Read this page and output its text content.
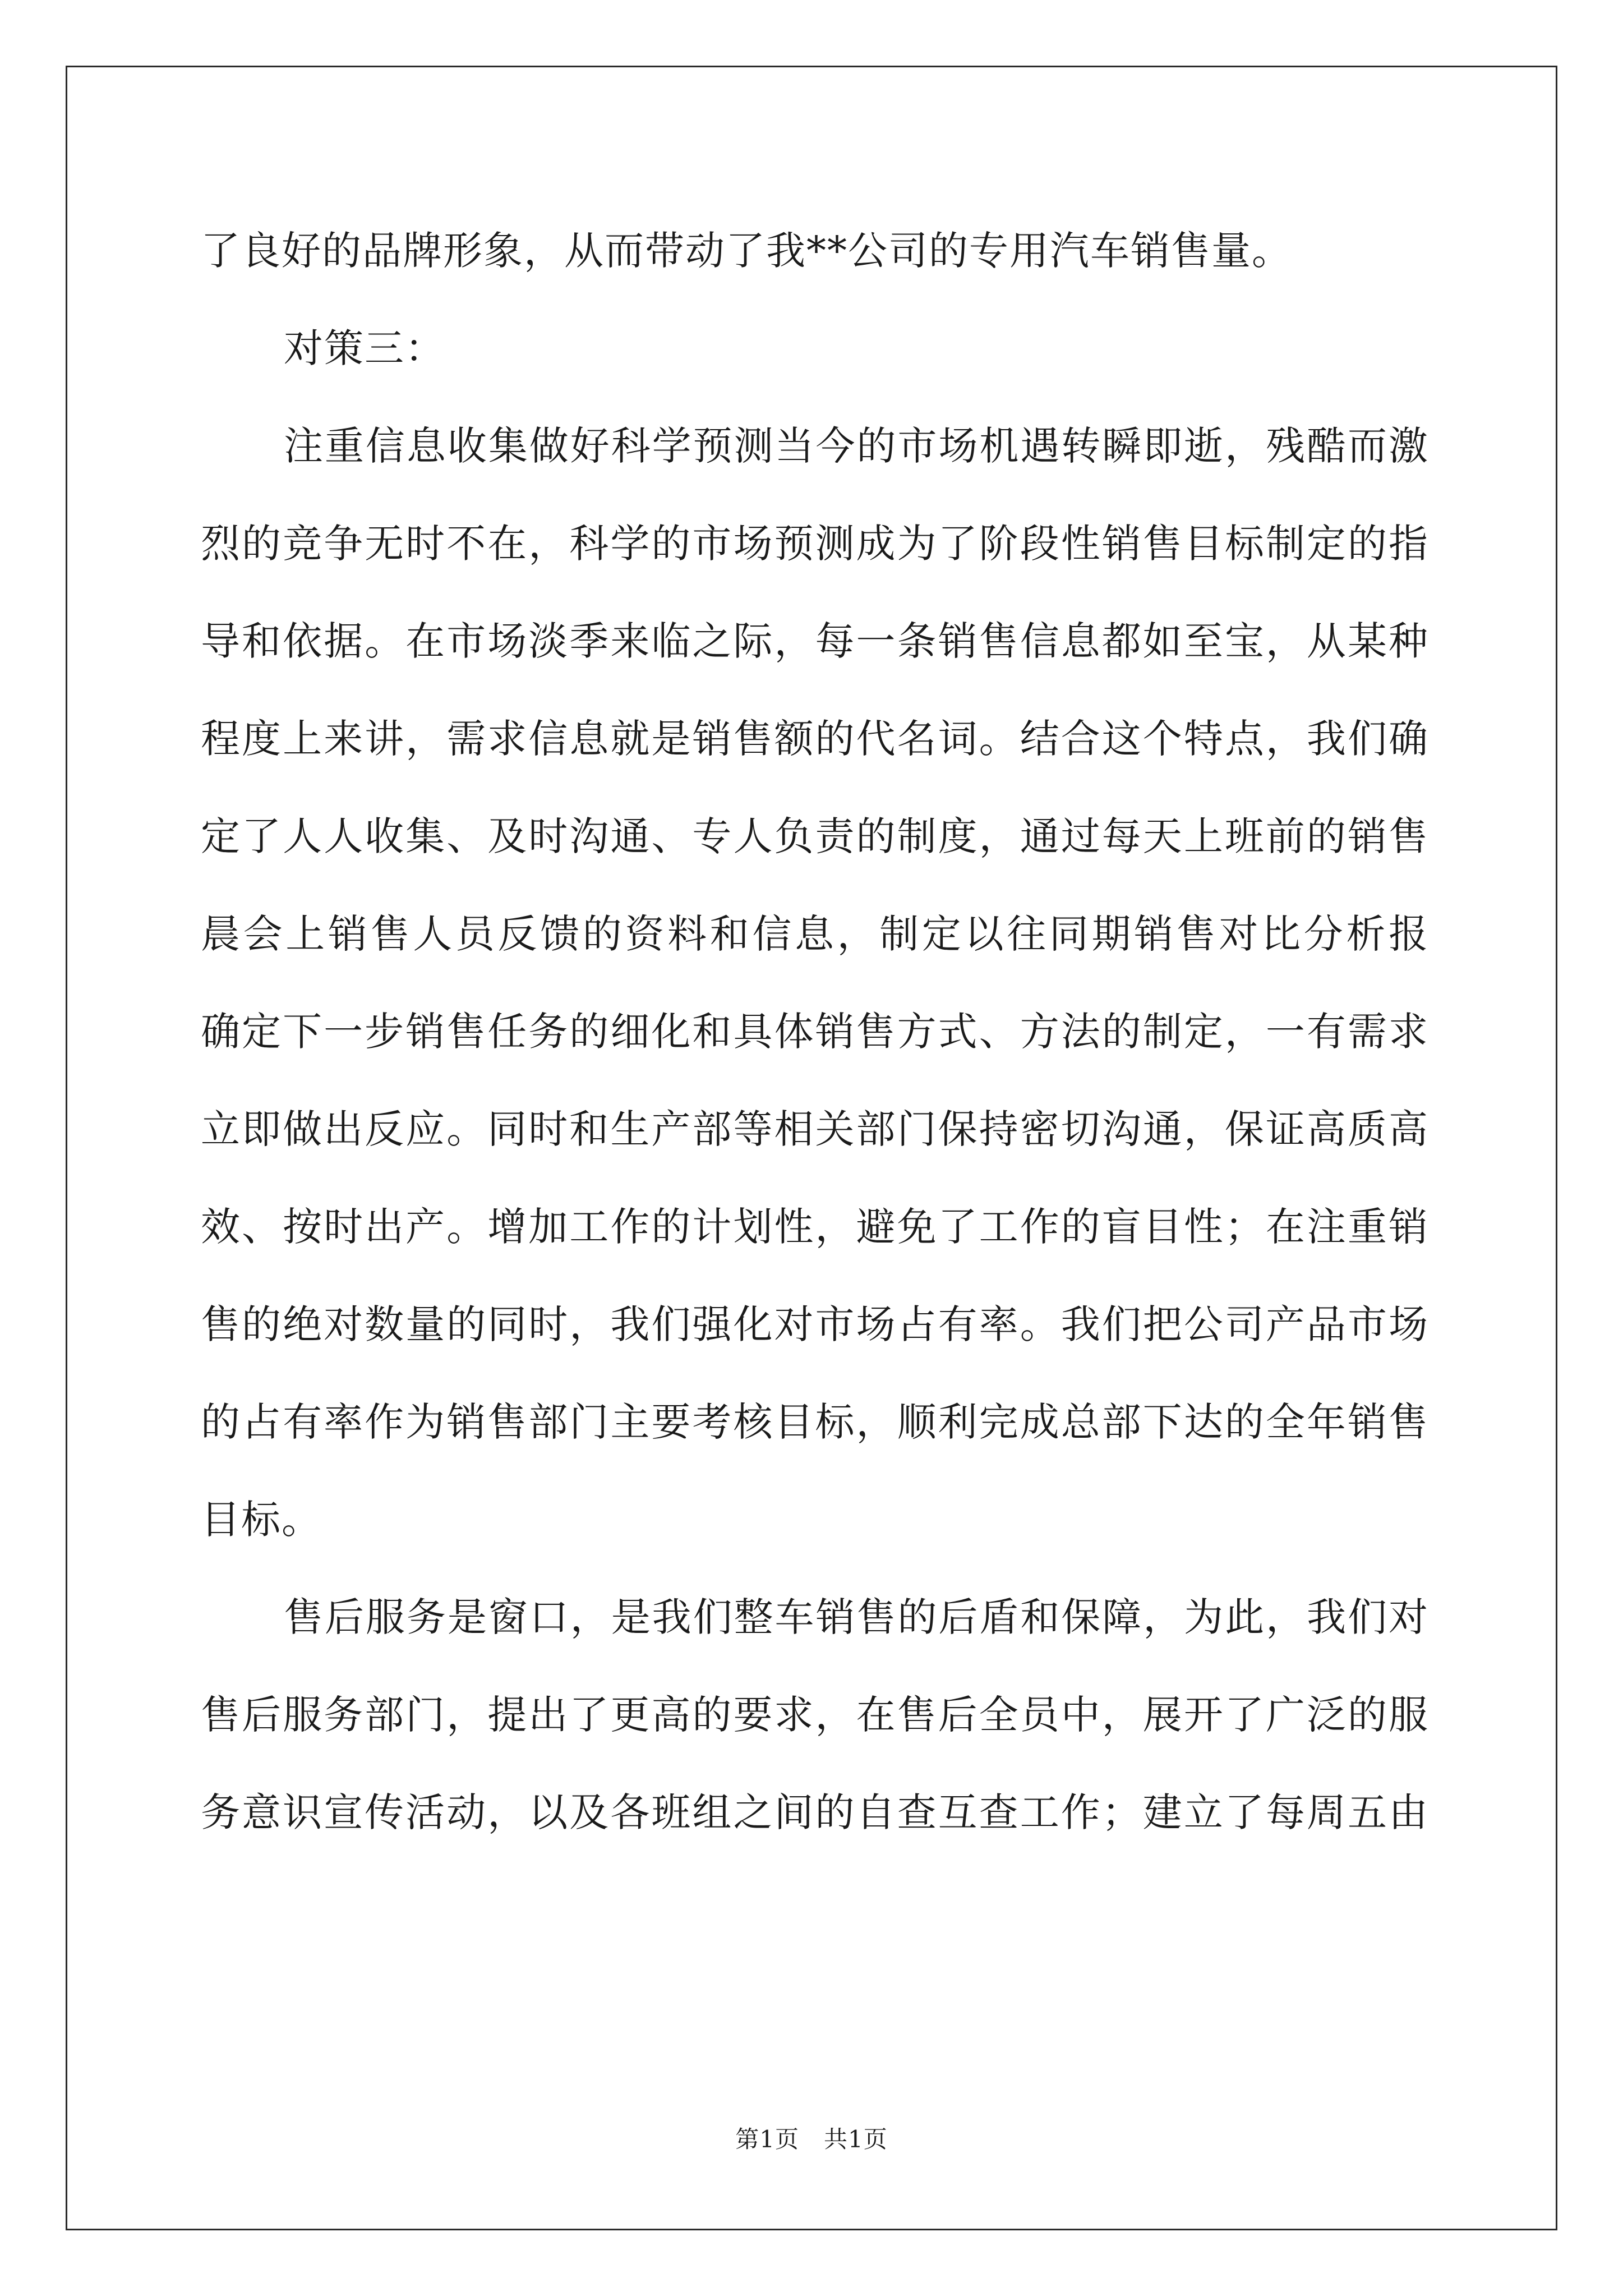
了良好的品牌形象，从而带动了我**公司的专用汽车销售量。
对策三：
注重信息收集做好科学预测当今的市场机遇转瞬即逝，残酷而激
烈的竞争无时不在，科学的市场预测成为了阶段性销售目标制定的指
导和依据。在市场淡季来临之际，每一条销售信息都如至宝，从某种
程度上来讲，需求信息就是销售额的代名词。结合这个特点，我们确
定了人人收集、及时沟通、专人负责的制度，通过每天上班前的销售
晨会上销售人员反馈的资料和信息，制定以往同期销售对比分析报
确定下一步销售任务的细化和具体销售方式、方法的制定，一有需求
立即做出反应。同时和生产部等相关部门保持密切沟通，保证高质高
效、按时出产。增加工作的计划性，避免了工作的盲目性；在注重销
售的绝对数量的同时，我们强化对市场占有率。我们把公司产品市场
的占有率作为销售部门主要考核目标，顺利完成总部下达的全年销售
目标。
售后服务是窗口，是我们整车销售的后盾和保障，为此，我们对
售后服务部门，提出了更高的要求，在售后全员中，展开了广泛的服
务意识宣传活动，以及各班组之间的自查互查工作；建立了每周五由
第1页 共1页
